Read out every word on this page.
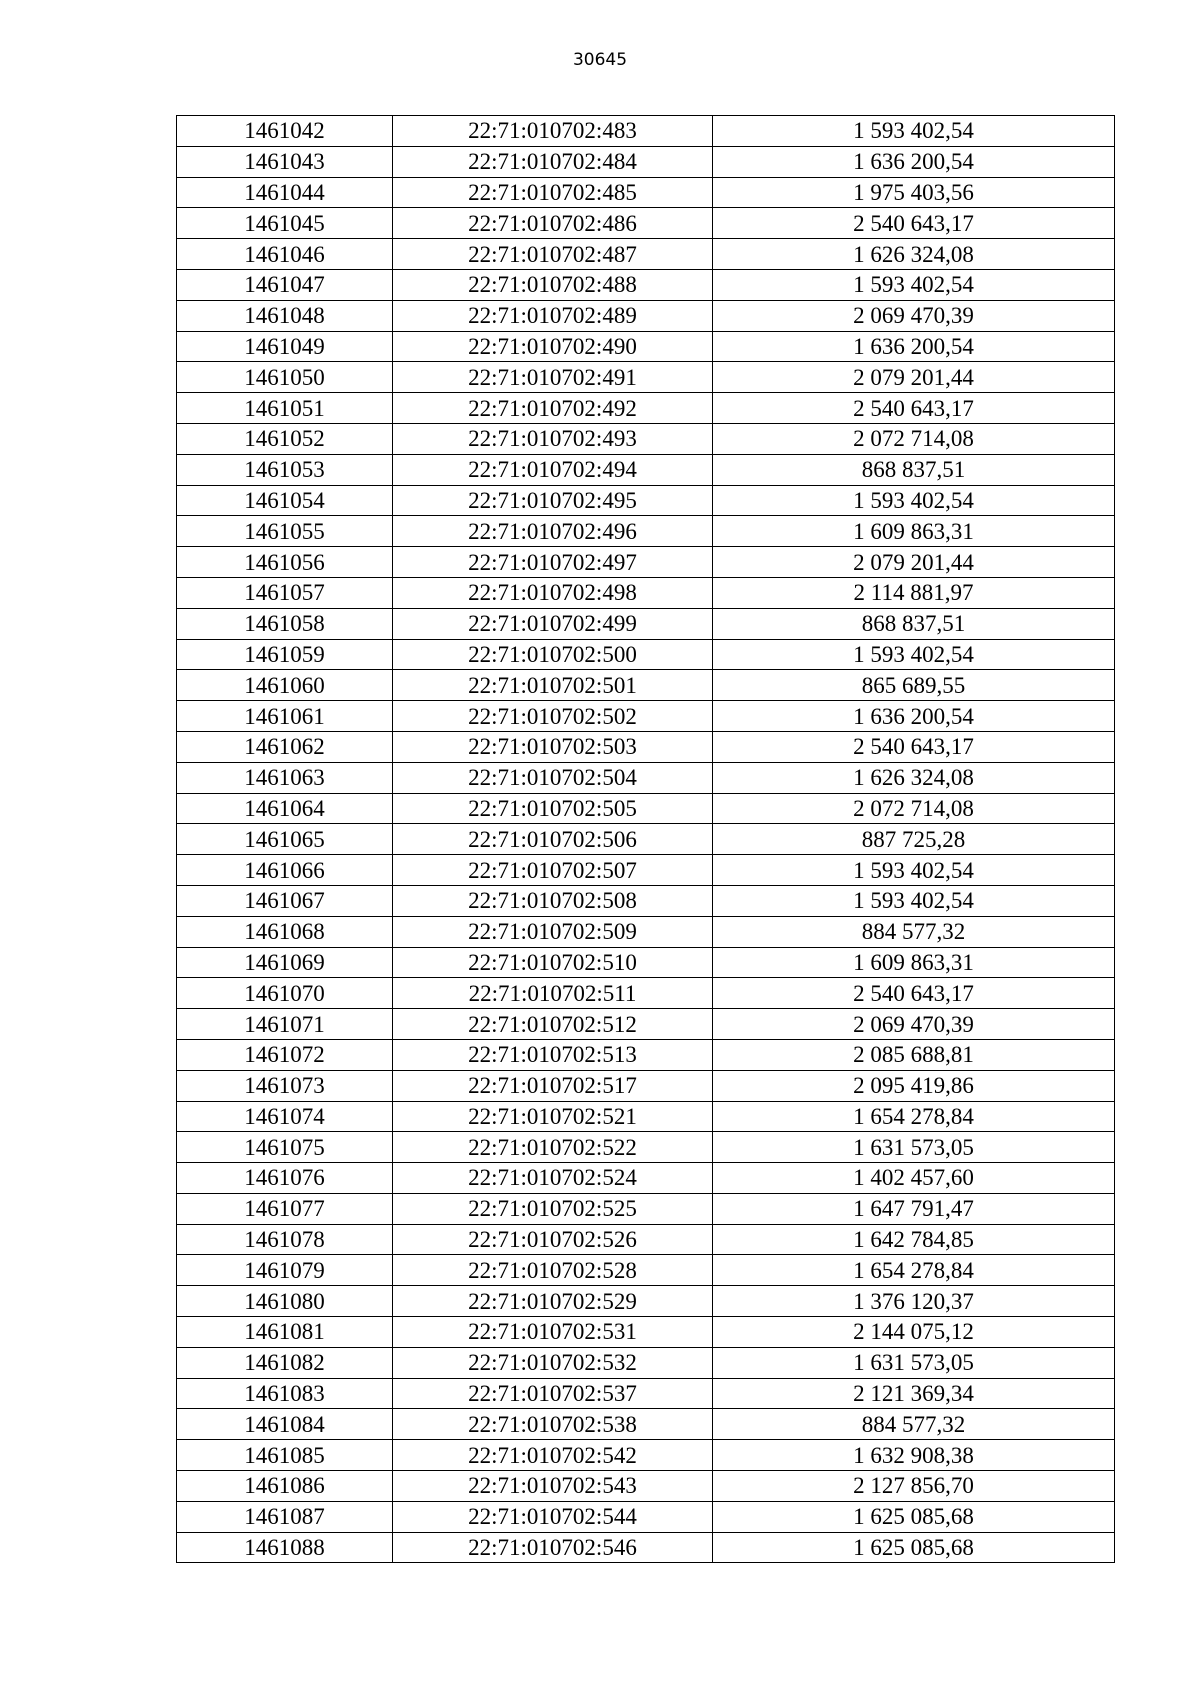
30645
1461042	22:71:010702:483	1 593 402,54
1461043	22:71:010702:484	1 636 200,54
1461044	22:71:010702:485	1 975 403,56
1461045	22:71:010702:486	2 540 643,17
1461046	22:71:010702:487	1 626 324,08
1461047	22:71:010702:488	1 593 402,54
1461048	22:71:010702:489	2 069 470,39
1461049	22:71:010702:490	1 636 200,54
1461050	22:71:010702:491	2 079 201,44
1461051	22:71:010702:492	2 540 643,17
1461052	22:71:010702:493	2 072 714,08
1461053	22:71:010702:494	868 837,51
1461054	22:71:010702:495	1 593 402,54
1461055	22:71:010702:496	1 609 863,31
1461056	22:71:010702:497	2 079 201,44
1461057	22:71:010702:498	2 114 881,97
1461058	22:71:010702:499	868 837,51
1461059	22:71:010702:500	1 593 402,54
1461060	22:71:010702:501	865 689,55
1461061	22:71:010702:502	1 636 200,54
1461062	22:71:010702:503	2 540 643,17
1461063	22:71:010702:504	1 626 324,08
1461064	22:71:010702:505	2 072 714,08
1461065	22:71:010702:506	887 725,28
1461066	22:71:010702:507	1 593 402,54
1461067	22:71:010702:508	1 593 402,54
1461068	22:71:010702:509	884 577,32
1461069	22:71:010702:510	1 609 863,31
1461070	22:71:010702:511	2 540 643,17
1461071	22:71:010702:512	2 069 470,39
1461072	22:71:010702:513	2 085 688,81
1461073	22:71:010702:517	2 095 419,86
1461074	22:71:010702:521	1 654 278,84
1461075	22:71:010702:522	1 631 573,05
1461076	22:71:010702:524	1 402 457,60
1461077	22:71:010702:525	1 647 791,47
1461078	22:71:010702:526	1 642 784,85
1461079	22:71:010702:528	1 654 278,84
1461080	22:71:010702:529	1 376 120,37
1461081	22:71:010702:531	2 144 075,12
1461082	22:71:010702:532	1 631 573,05
1461083	22:71:010702:537	2 121 369,34
1461084	22:71:010702:538	884 577,32
1461085	22:71:010702:542	1 632 908,38
1461086	22:71:010702:543	2 127 856,70
1461087	22:71:010702:544	1 625 085,68
1461088	22:71:010702:546	1 625 085,68
